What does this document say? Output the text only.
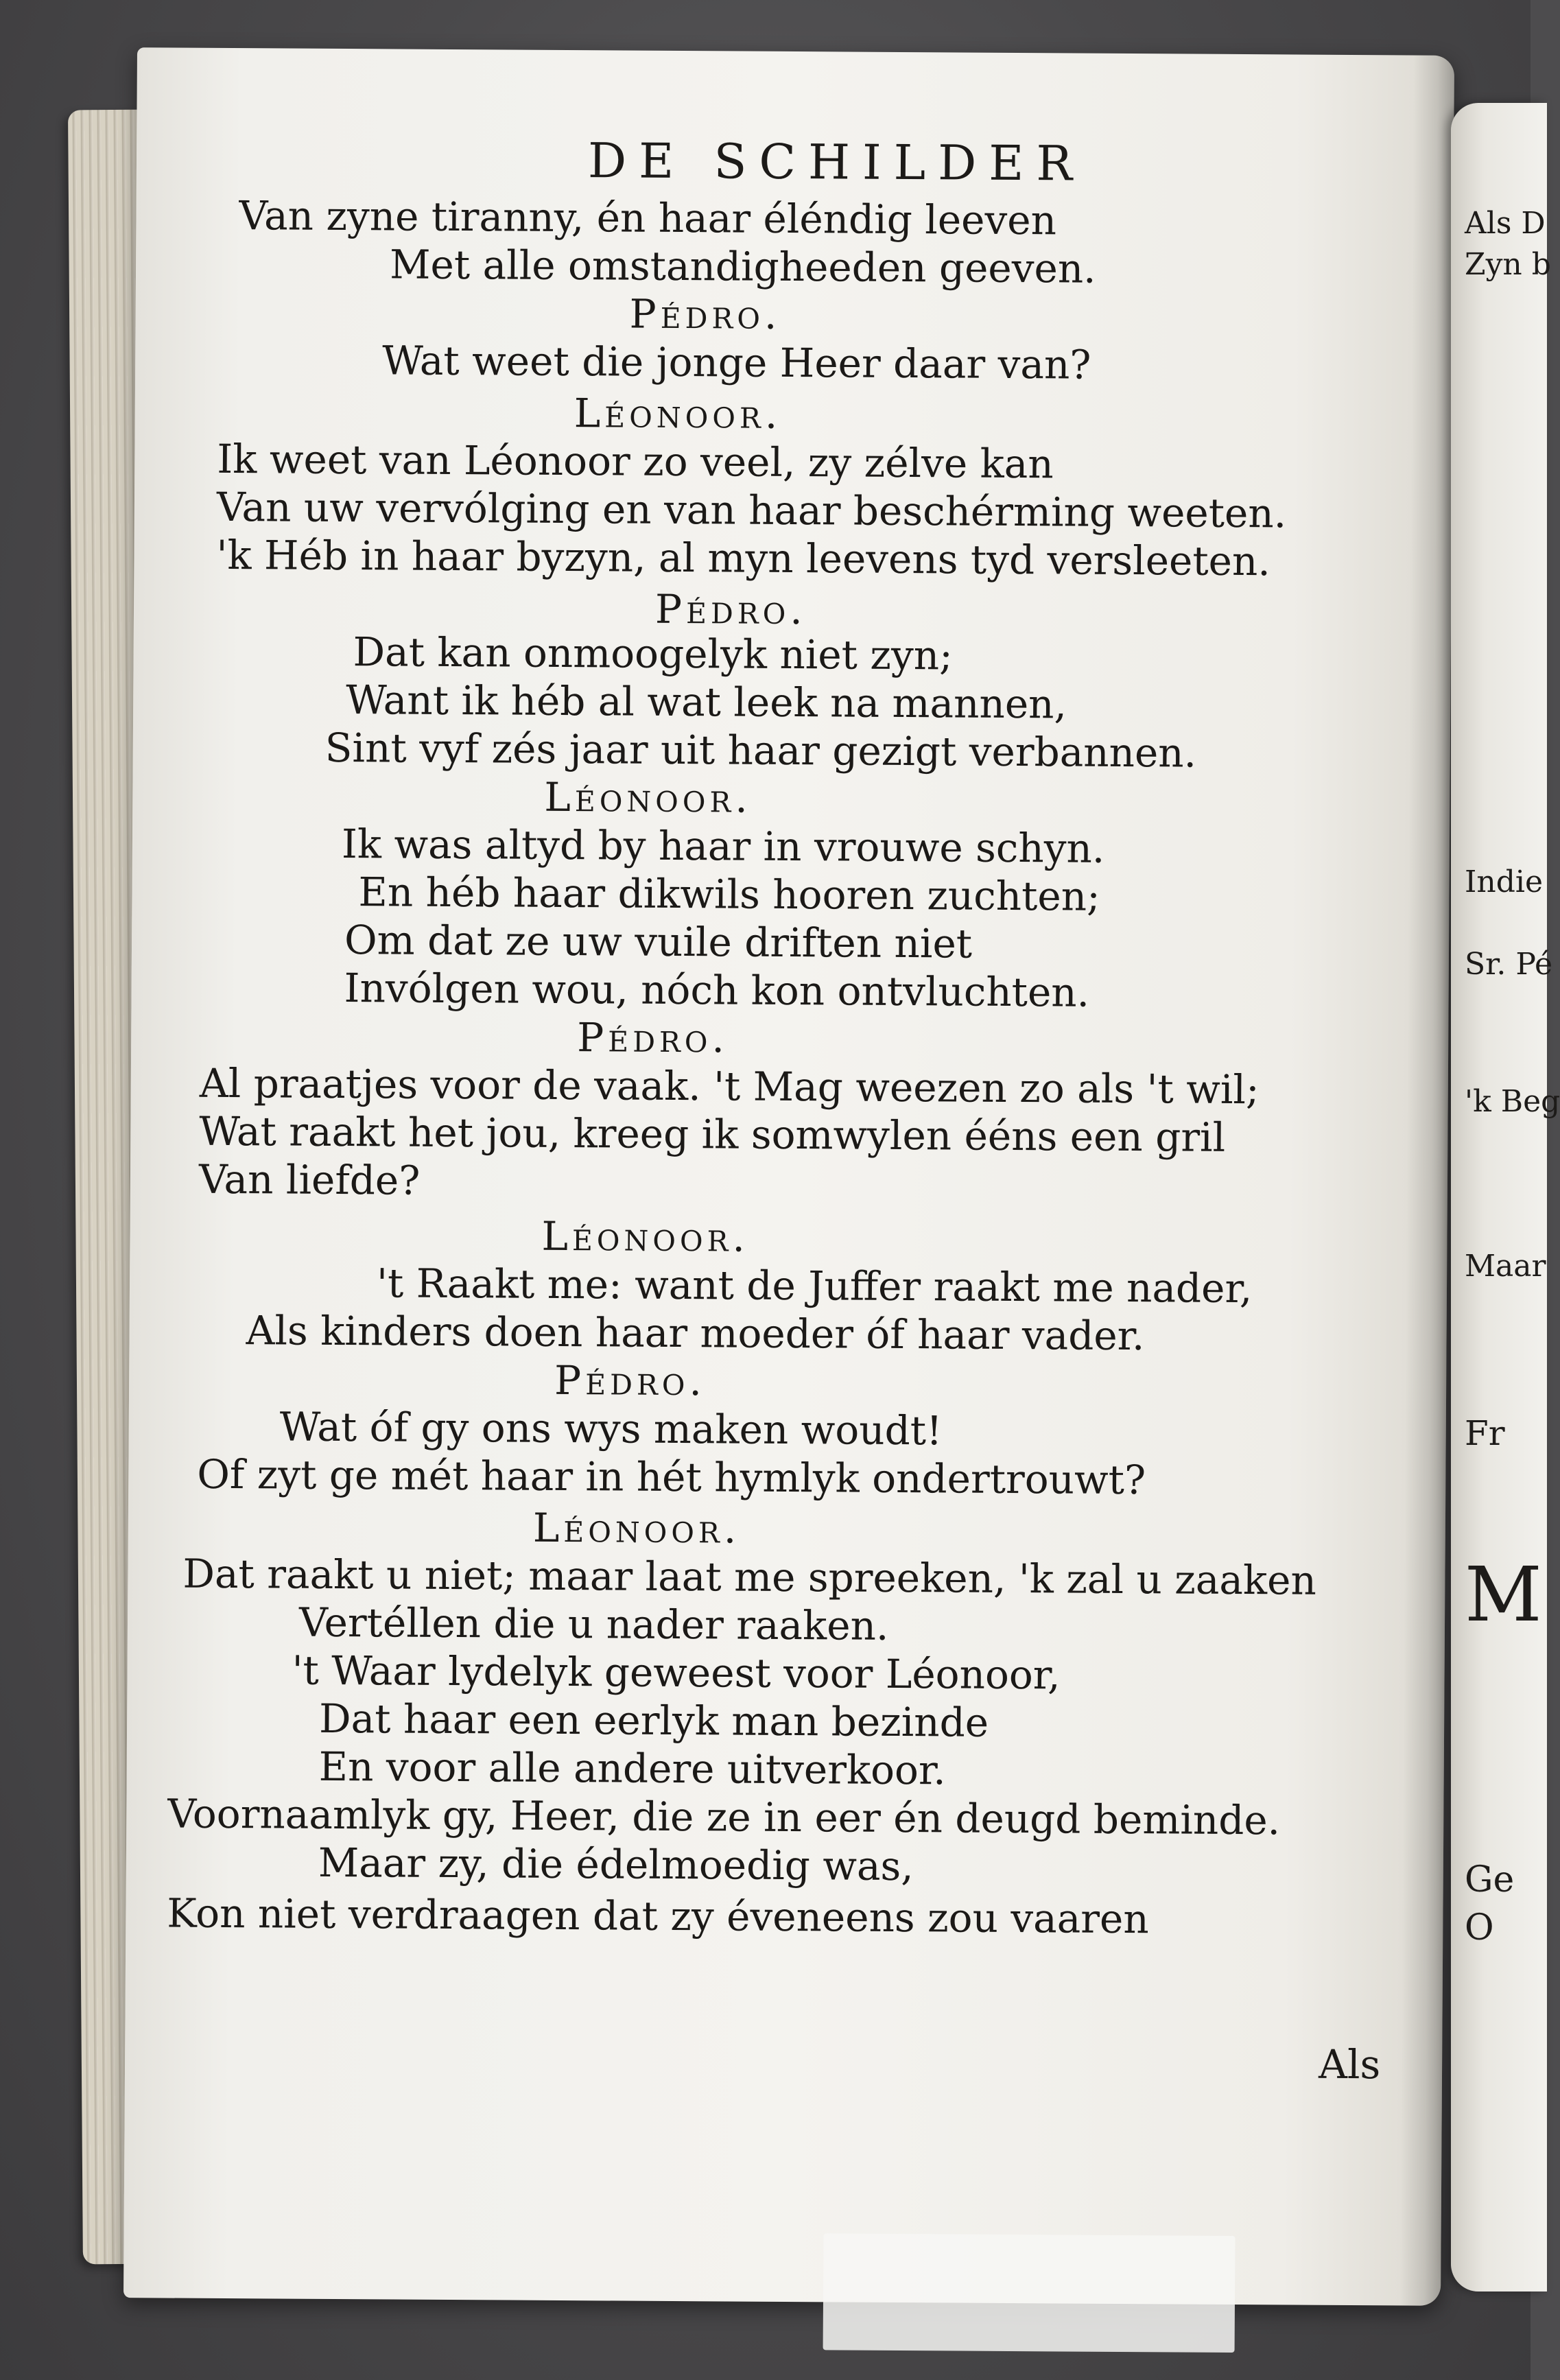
DE SCHILDER
Van zyne tiranny, én haar éléndig leeven
Met alle omstandigheeden geeven.
Pédro.
Wat weet die jonge Heer daar van?
Léonoor.
Ik weet van Léonoor zo veel, zy zélve kan
Van uw vervólging en van haar beschérming weeten.
'k Héb in haar byzyn, al myn leevens tyd versleeten.
Pédro.
Dat kan onmoogelyk niet zyn;
Want ik héb al wat leek na mannen,
Sint vyf zés jaar uit haar gezigt verbannen.
Léonoor.
Ik was altyd by haar in vrouwe schyn.
En héb haar dikwils hooren zuchten;
Om dat ze uw vuile driften niet
Invólgen wou, nóch kon ontvluchten.
Pédro.
Al praatjes voor de vaak. 't Mag weezen zo als 't wil;
Wat raakt het jou, kreeg ik somwylen ééns een gril
Van liefde?
Léonoor.
't Raakt me: want de Juffer raakt me nader,
Als kinders doen haar moeder óf haar vader.
Pédro.
Wat óf gy ons wys maken woudt!
Of zyt ge mét haar in hét hymlyk ondertrouwt?
Léonoor.
Dat raakt u niet; maar laat me spreeken, 'k zal u zaaken
Vertéllen die u nader raaken.
't Waar lydelyk geweest voor Léonoor,
Dat haar een eerlyk man bezinde
En voor alle andere uitverkoor.
Voornaamlyk gy, Heer, die ze in eer én deugd beminde.
Maar zy, die édelmoedig was,
Kon niet verdraagen dat zy éveneens zou vaaren
Als
Als D
Zyn b
Indie
Sr. Pé
'k Beg
Maar
Fr
M
Ge
O
